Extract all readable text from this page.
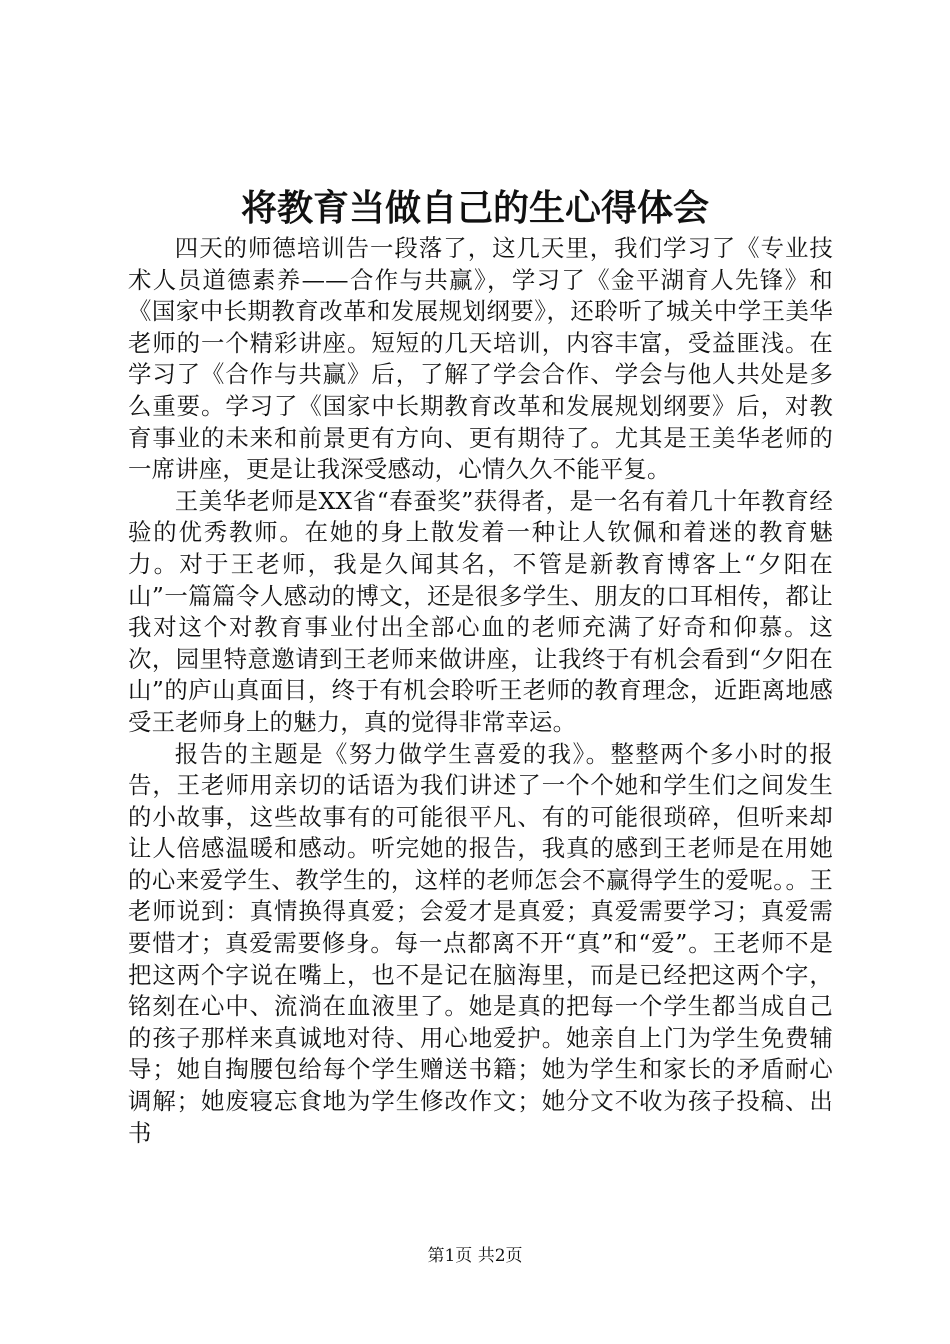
将教育当做自己的生心得体会

四天的师德培训告一段落了，这几天里，我们学习了《专业技术人员道德素养——合作与共赢》，学习了《金平湖育人先锋》和《国家中长期教育改革和发展规划纲要》，还聆听了城关中学王美华老师的一个精彩讲座。短短的几天培训，内容丰富，受益匪浅。在学习了《合作与共赢》后，了解了学会合作、学会与他人共处是多么重要。学习了《国家中长期教育改革和发展规划纲要》后，对教育事业的未来和前景更有方向、更有期待了。尤其是王美华老师的一席讲座，更是让我深受感动，心情久久不能平复。

王美华老师是XX省“春蚕奖”获得者，是一名有着几十年教育经验的优秀教师。在她的身上散发着一种让人钦佩和着迷的教育魅力。对于王老师，我是久闻其名，不管是新教育博客上“夕阳在山”一篇篇令人感动的博文，还是很多学生、朋友的口耳相传，都让我对这个对教育事业付出全部心血的老师充满了好奇和仰慕。这次，园里特意邀请到王老师来做讲座，让我终于有机会看到“夕阳在山”的庐山真面目，终于有机会聆听王老师的教育理念，近距离地感受王老师身上的魅力，真的觉得非常幸运。

报告的主题是《努力做学生喜爱的我》。整整两个多小时的报告，王老师用亲切的话语为我们讲述了一个个她和学生们之间发生的小故事，这些故事有的可能很平凡、有的可能很琐碎，但听来却让人倍感温暖和感动。听完她的报告，我真的感到王老师是在用她的心来爱学生、教学生的，这样的老师怎会不赢得学生的爱呢。。王老师说到：真情换得真爱；会爱才是真爱；真爱需要学习；真爱需要惜才；真爱需要修身。每一点都离不开“真”和“爱”。王老师不是把这两个字说在嘴上，也不是记在脑海里，而是已经把这两个字，铭刻在心中、流淌在血液里了。她是真的把每一个学生都当成自己的孩子那样来真诚地对待、用心地爱护。她亲自上门为学生免费辅导；她自掏腰包给每个学生赠送书籍；她为学生和家长的矛盾耐心调解；她废寝忘食地为学生修改作文；她分文不收为孩子投稿、出书

第1页 共2页
